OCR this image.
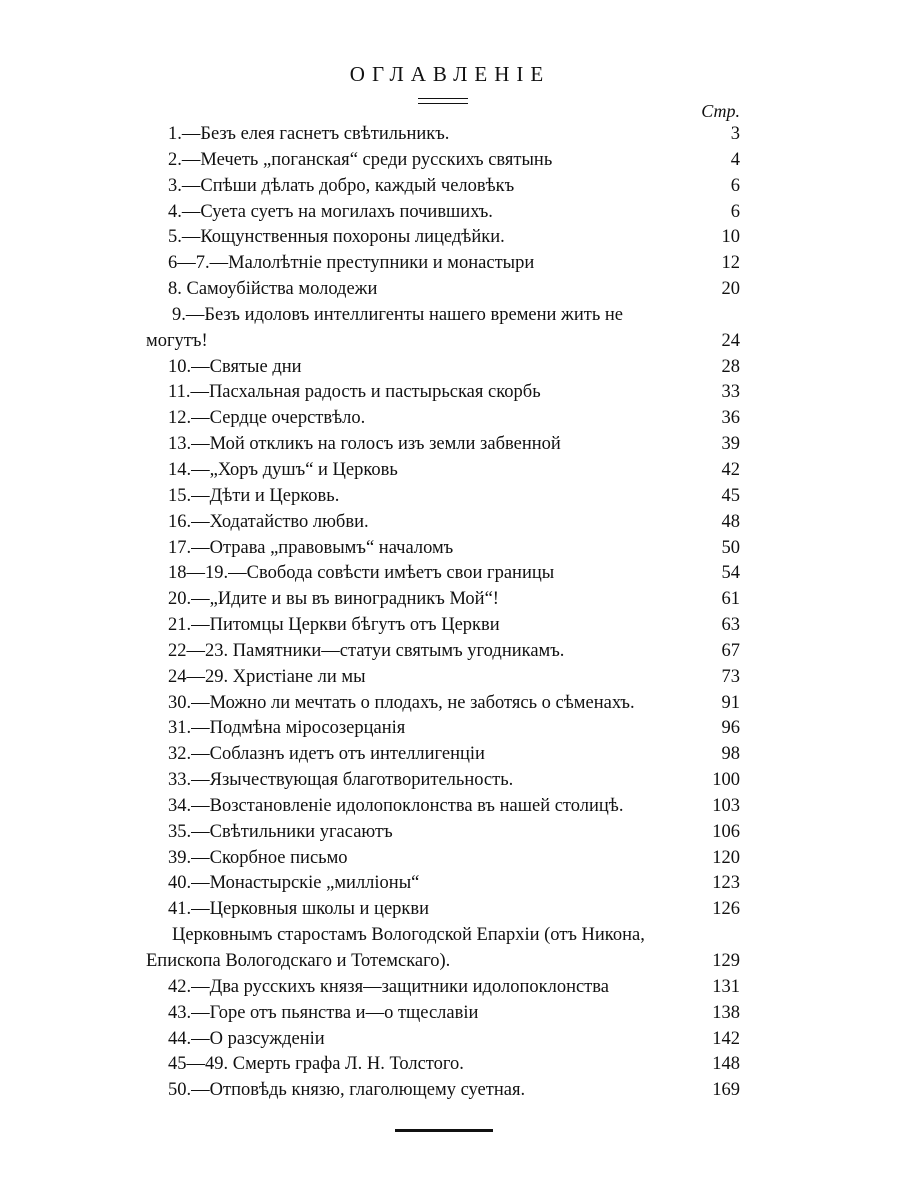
ОГЛАВЛЕНІЕ
Стр.
1.—Безъ елея гаснетъ свѣтильникъ.	3
2.—Мечеть „поганская“ среди русскихъ святынь	4
3.—Спѣши дѣлать добро, каждый человѣкъ	6
4.—Суета суетъ на могилахъ почившихъ.	6
5.—Кощунственныя похороны лицедѣйки.	10
6—7.—Малолѣтніе преступники и монастыри	12
8. Самоубійства молодежи	20
9.—Безъ идоловъ интеллигенты нашего времени жить не
могутъ!	24
10.—Святые дни	28
11.—Пасхальная радость и пастырьская скорбь	33
12.—Сердце очерствѣло.	36
13.—Мой откликъ на голосъ изъ земли забвенной	39
14.—„Хоръ душъ“ и Церковь	42
15.—Дѣти и Церковь.	45
16.—Ходатайство любви.	48
17.—Отрава „правовымъ“ началомъ	50
18—19.—Свобода совѣсти имѣетъ свои границы	54
20.—„Идите и вы въ виноградникъ Мой“!	61
21.—Питомцы Церкви бѣгутъ отъ Церкви	63
22—23. Памятники—статуи святымъ угодникамъ.	67
24—29. Христіане ли мы	73
30.—Можно ли мечтать о плодахъ, не заботясь о сѣменахъ.	91
31.—Подмѣна міросозерцанія	96
32.—Соблазнъ идетъ отъ интеллигенціи	98
33.—Язычествующая благотворительность.	100
34.—Возстановленіе идолопоклонства въ нашей столицѣ.	103
35.—Свѣтильники угасаютъ	106
39.—Скорбное письмо	120
40.—Монастырскіе „милліоны“	123
41.—Церковныя школы и церкви	126
Церковнымъ старостамъ Вологодской Епархіи (отъ Никона,
Епископа Вологодскаго и Тотемскаго).	129
42.—Два русскихъ князя—защитники идолопоклонства	131
43.—Горе отъ пьянства и—о тщеславіи	138
44.—О разсужденіи	142
45—49. Смерть графа Л. Н. Толстого.	148
50.—Отповѣдь князю, глаголющему суетная.	169
